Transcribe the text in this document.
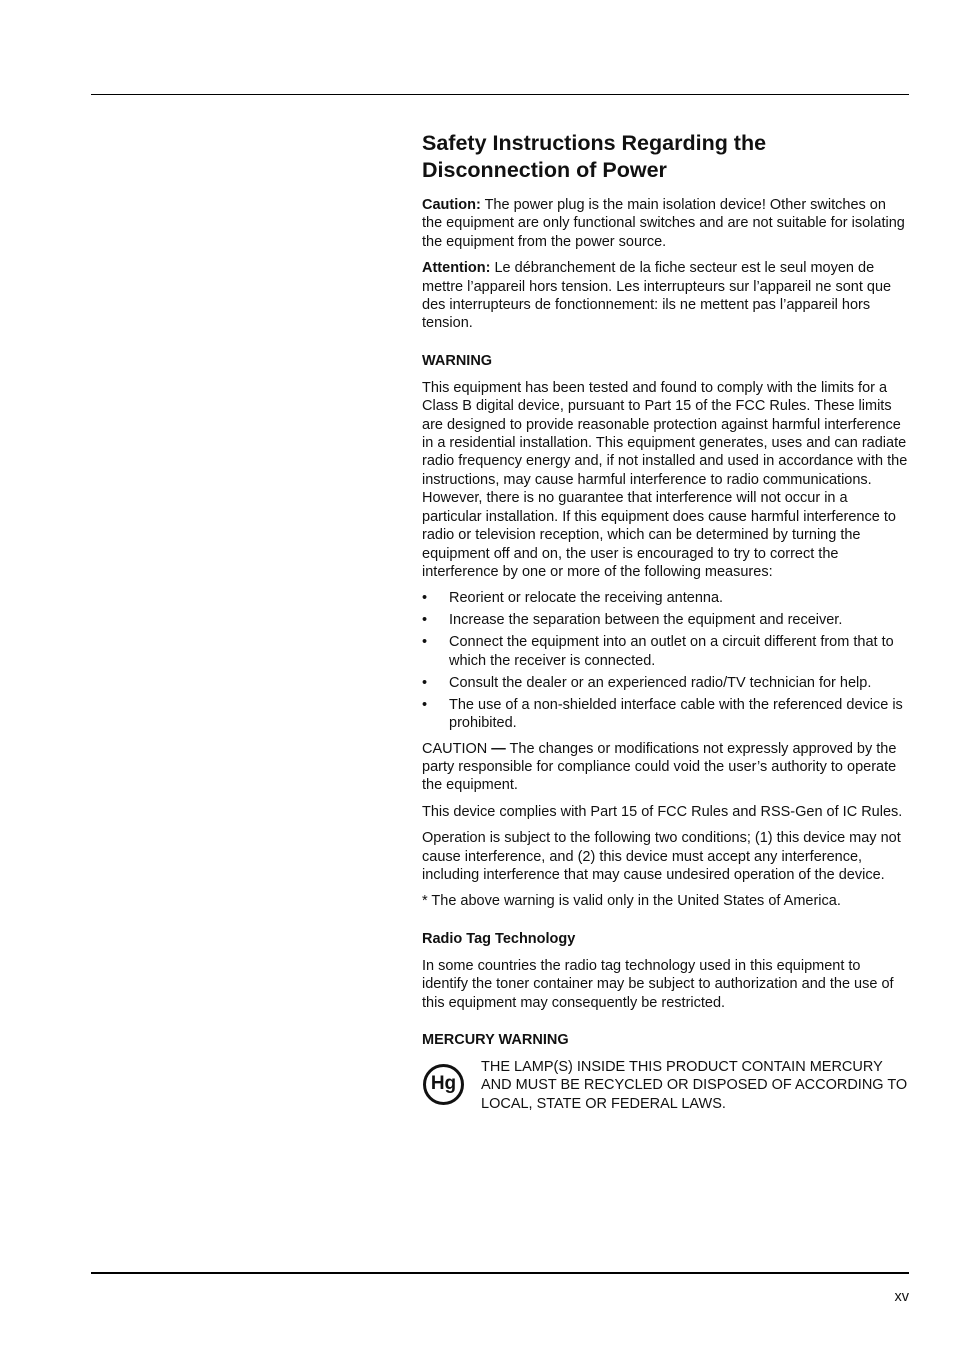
Safety Instructions Regarding the
Disconnection of Power

Caution: The power plug is the main isolation device! Other switches on the equipment are only functional switches and are not suitable for isolating the equipment from the power source.

Attention: Le débranchement de la fiche secteur est le seul moyen de mettre l’appareil hors tension. Les interrupteurs sur l’appareil ne sont que des interrupteurs de fonctionnement: ils ne mettent pas l’appareil hors tension.

WARNING

This equipment has been tested and found to comply with the limits for a Class B digital device, pursuant to Part 15 of the FCC Rules. These limits are designed to provide reasonable protection against harmful interference in a residential installation. This equipment generates, uses and can radiate radio frequency energy and, if not installed and used in accordance with the instructions, may cause harmful interference to radio communications. However, there is no guarantee that interference will not occur in a particular installation. If this equipment does cause harmful interference to radio or television reception, which can be determined by turning the equipment off and on, the user is encouraged to try to correct the interference by one or more of the following measures:

• Reorient or relocate the receiving antenna.
• Increase the separation between the equipment and receiver.
• Connect the equipment into an outlet on a circuit different from that to which the receiver is connected.
• Consult the dealer or an experienced radio/TV technician for help.
• The use of a non-shielded interface cable with the referenced device is prohibited.

CAUTION — The changes or modifications not expressly approved by the party responsible for compliance could void the user’s authority to operate the equipment.

This device complies with Part 15 of FCC Rules and RSS-Gen of IC Rules.

Operation is subject to the following two conditions; (1) this device may not cause interference, and (2) this device must accept any interference, including interference that may cause undesired operation of the device.

* The above warning is valid only in the United States of America.

Radio Tag Technology

In some countries the radio tag technology used in this equipment to identify the toner container may be subject to authorization and the use of this equipment may consequently be restricted.

MERCURY WARNING
Hg
THE LAMP(S) INSIDE THIS PRODUCT CONTAIN MERCURY AND MUST BE RECYCLED OR DISPOSED OF ACCORDING TO LOCAL, STATE OR FEDERAL LAWS.
xv
